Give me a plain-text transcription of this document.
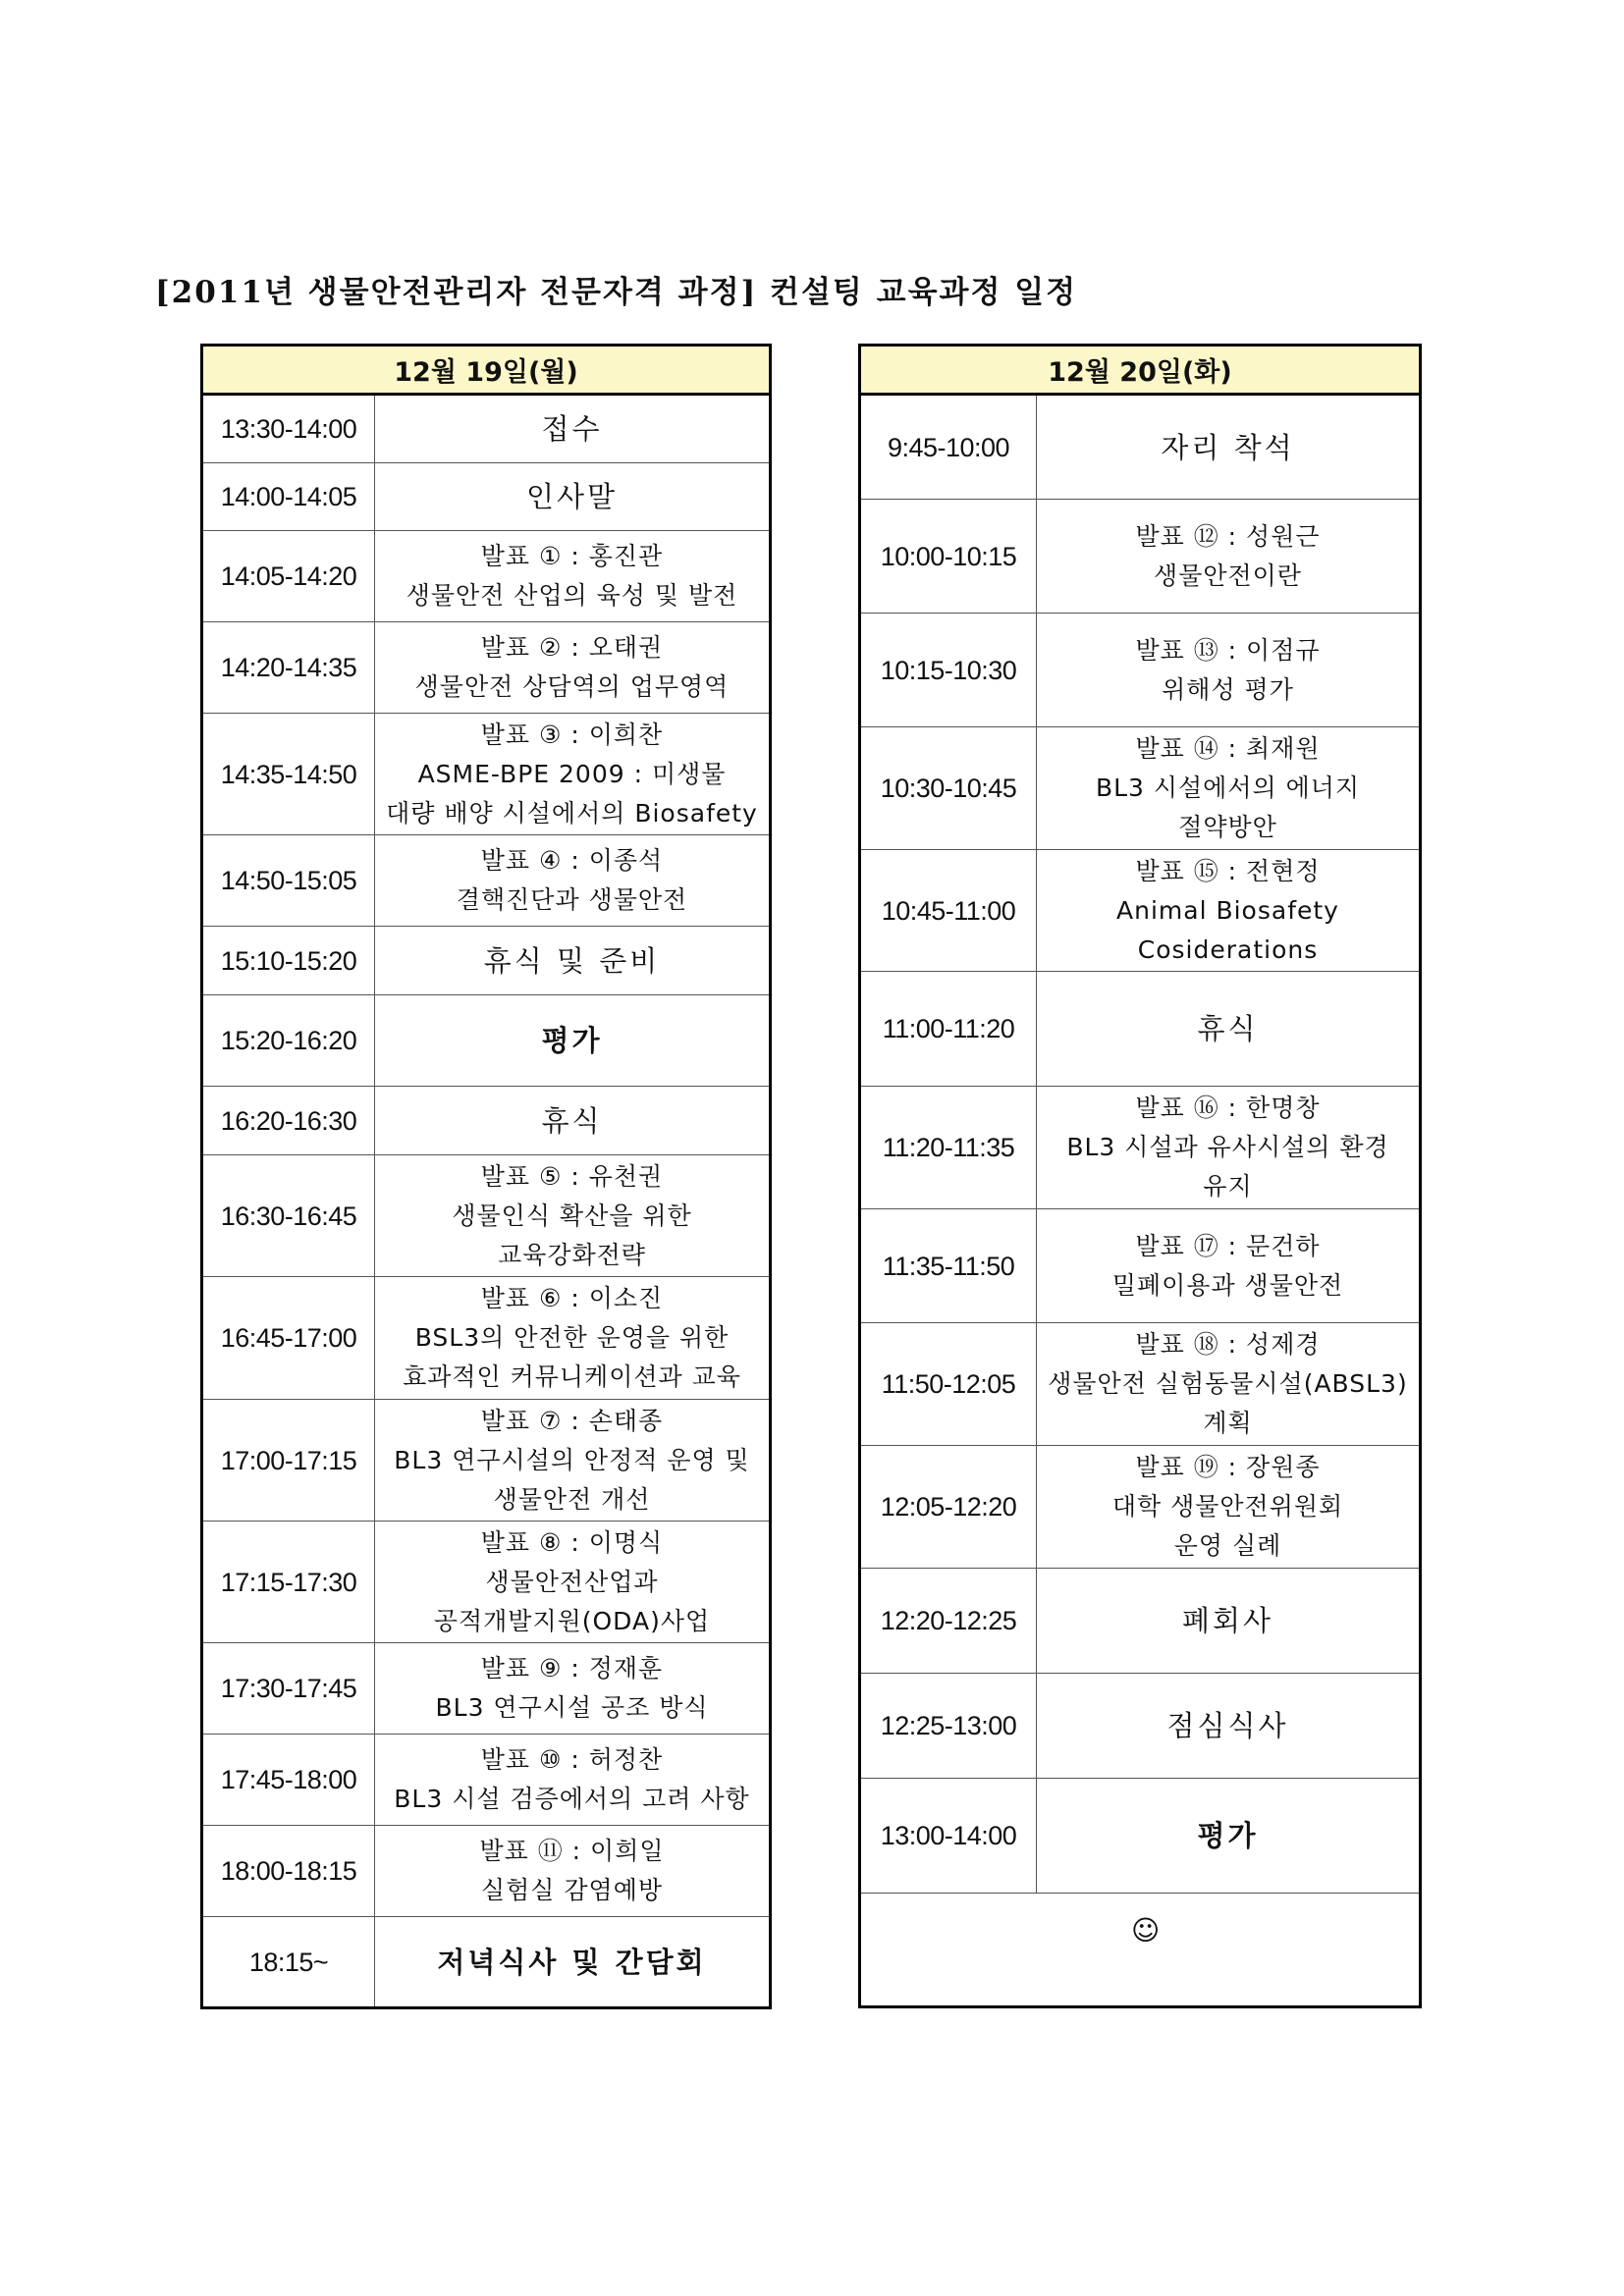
[2011년 생물안전관리자 전문자격 과정] 컨설팅 교육과정 일정
12월 19일(월)	
13:30-14:00	접수

14:00-14:05	인사말

14:05-14:20	발표 ① : 홍진관
생물안전 산업의 육성 및 발전

14:20-14:35	발표 ② : 오태권
생물안전 상담역의 업무영역

14:35-14:50	발표 ③ : 이희찬
ASME-BPE 2009 : 미생물
대량 배양 시설에서의 Biosafety

14:50-15:05	발표 ④ : 이종석
결핵진단과 생물안전

15:10-15:20	휴식 및 준비

15:20-16:20	평가

16:20-16:30	휴식

16:30-16:45	발표 ⑤ : 유천권
생물인식 확산을 위한
교육강화전략

16:45-17:00	발표 ⑥ : 이소진
BSL3의 안전한 운영을 위한
효과적인 커뮤니케이션과 교육

17:00-17:15	발표 ⑦ : 손태종
BL3 연구시설의 안정적 운영 및
생물안전 개선

17:15-17:30	발표 ⑧ : 이명식
생물안전산업과
공적개발지원(ODA)사업

17:30-17:45	발표 ⑨ : 정재훈
BL3 연구시설 공조 방식

17:45-18:00	발표 ⑩ : 허정찬
BL3 시설 검증에서의 고려 사항

18:00-18:15	발표 ⑪ : 이희일
실험실 감염예방

18:15~	저녁식사 및 간담회
12월 20일(화)	
9:45-10:00	자리 착석

10:00-10:15	발표 ⑫ : 성원근
생물안전이란

10:15-10:30	발표 ⑬ : 이점규
위해성 평가

10:30-10:45	발표 ⑭ : 최재원
BL3 시설에서의 에너지
절약방안

10:45-11:00	발표 ⑮ : 전현정
Animal Biosafety
Cosiderations

11:00-11:20	휴식

11:20-11:35	발표 ⑯ : 한명창
BL3 시설과 유사시설의 환경
유지

11:35-11:50	발표 ⑰ : 문건하
밀폐이용과 생물안전

11:50-12:05	발표 ⑱ : 성제경
생물안전 실험동물시설(ABSL3)
계획

12:05-12:20	발표 ⑲ : 장원종
대학 생물안전위원회
운영 실례

12:20-12:25	폐회사

12:25-13:00	점심식사

13:00-14:00	평가

☺	
